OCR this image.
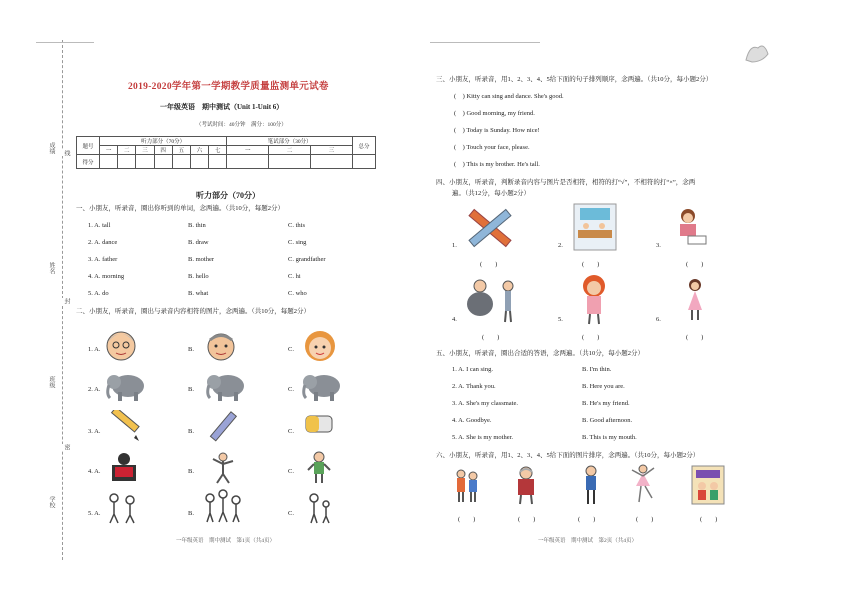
成绩
姓名
班级
学校
线
封
密
2019-2020学年第一学期教学质量监测单元试卷
一年级英语　期中测试（Unit 1-Unit 6）
（考试时间：40分钟　满分：100分）
题号	听力部分（70分）							笔试部分（30分）			总分
	一	二	三	四	五	六	七	一	二	三	
得分											
听力部分（70分）
一、小朋友，听录音，圈出你听到的单词，念两遍。（共10分，每题2分）
1. A. tall	B. thin	C. this
2. A. dance	B. draw	C. sing
3. A. father	B. mother	C. grandfather
4. A. morning	B. hello	C. hi
5. A. do	B. what	C. who
二、小朋友，听录音，圈出与录音内容相符的图片，念两遍。（共10分，每题2分）
1. A.	B.	C.
2. A.	B.	C.
3. A.	B.	C.
4. A.	B.	C.
5. A.	B.	C.
一年级英语　期中测试　第1页（共4页）
三、小朋友，听录音，用1、2、3、4、5给下面的句子排列顺序，念两遍。（共10分，每小题2分）
(　) Kitty can sing and dance. She's good.
(　) Good morning, my friend.
(　) Today is Sunday. How nice!
(　) Touch your face, please.
(　) This is my brother. He's tall.
四、小朋友，听录音，判断录音内容与图片是否相符，相符的打“√”，不相符的打“×”，念两
遍。（共12分，每小题2分）
1.
(　　)
2.
(　　)
3.
(　　)
4.
(　　)
5.
(　　)
6.
(　　)
五、小朋友，听录音，圈出合适的答语，念两遍。（共10分，每小题2分）
1. A. I can sing.	B. I'm thin.
2. A. Thank you.	B. Here you are.
3. A. She's my classmate.	B. He's my friend.
4. A. Goodbye.	B. Good afternoon.
5. A. She is my mother.	B. This is my mouth.
六、小朋友，听录音，用1、2、3、4、5给下面的图片排序，念两遍。（共10分，每小题2分）
(　　)	(　　)	(　　)	(　　)	(　　)
一年级英语　期中测试　第2页（共4页）
